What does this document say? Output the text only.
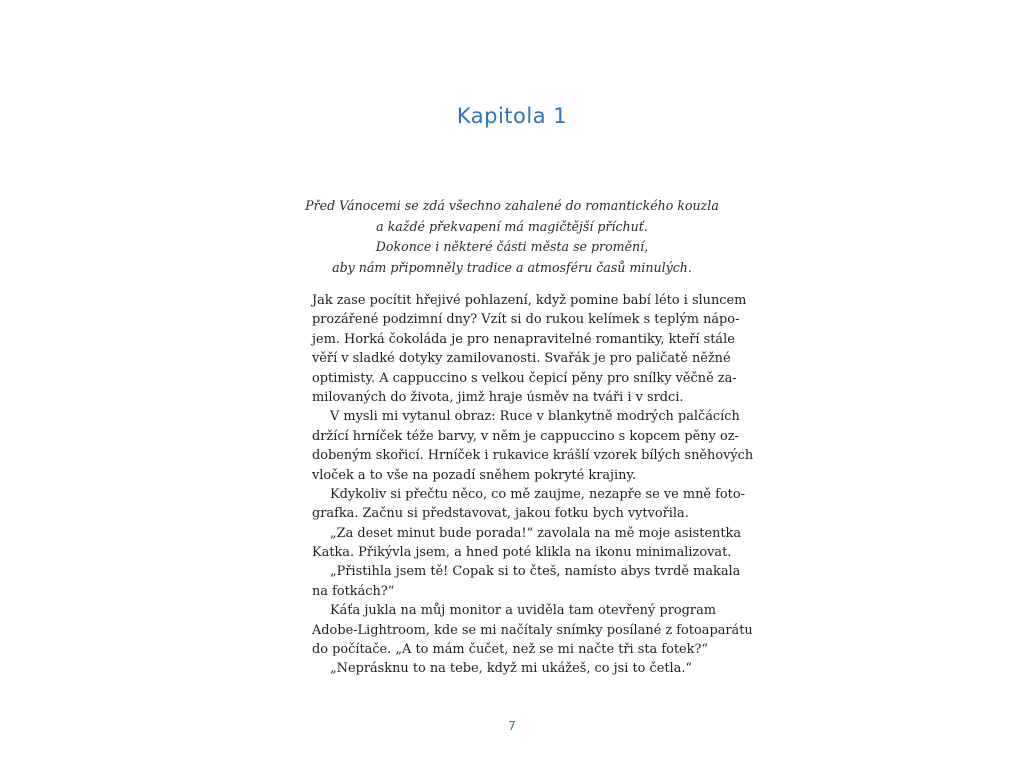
Kapitola 1
Před Vánocemi se zdá všechno zahalené do romantického kouzla
a každé překvapení má magičtější příchuť.
Dokonce i některé části města se promění,
aby nám připomněly tradice a atmosféru časů minulých.
Jak zase pocítit hřejivé pohlazení, když pomine babí léto i sluncem
prozářené podzimní dny? Vzít si do rukou kelímek s teplým nápo-
jem. Horká čokoláda je pro nenapravitelné romantiky, kteří stále
věří v sladké dotyky zamilovanosti. Svařák je pro paličatě něžné
optimisty. A cappuccino s velkou čepicí pěny pro snílky věčně za-
milovaných do života, jimž hraje úsměv na tváři i v srdci.
V mysli mi vytanul obraz: Ruce v blankytně modrých palčácích
držící hrníček téže barvy, v něm je cappuccino s kopcem pěny oz-
dobeným skořicí. Hrníček i rukavice krášlí vzorek bílých sněhových
vloček a to vše na pozadí sněhem pokryté krajiny.
Kdykoliv si přečtu něco, co mě zaujme, nezapře se ve mně foto-
grafka. Začnu si představovat, jakou fotku bych vytvořila.
„Za deset minut bude porada!“ zavolala na mě moje asistentka
Katka. Přikývla jsem, a hned poté klikla na ikonu minimalizovat.
„Přistihla jsem tě! Copak si to čteš, namísto abys tvrdě makala
na fotkách?“
Káťa jukla na můj monitor a uviděla tam otevřený program
Adobe-Lightroom, kde se mi načítaly snímky posílané z fotoaparátu
do počítače. „A to mám čučet, než se mi načte tři sta fotek?“
„Neprásknu to na tebe, když mi ukážeš, co jsi to četla.“
7
